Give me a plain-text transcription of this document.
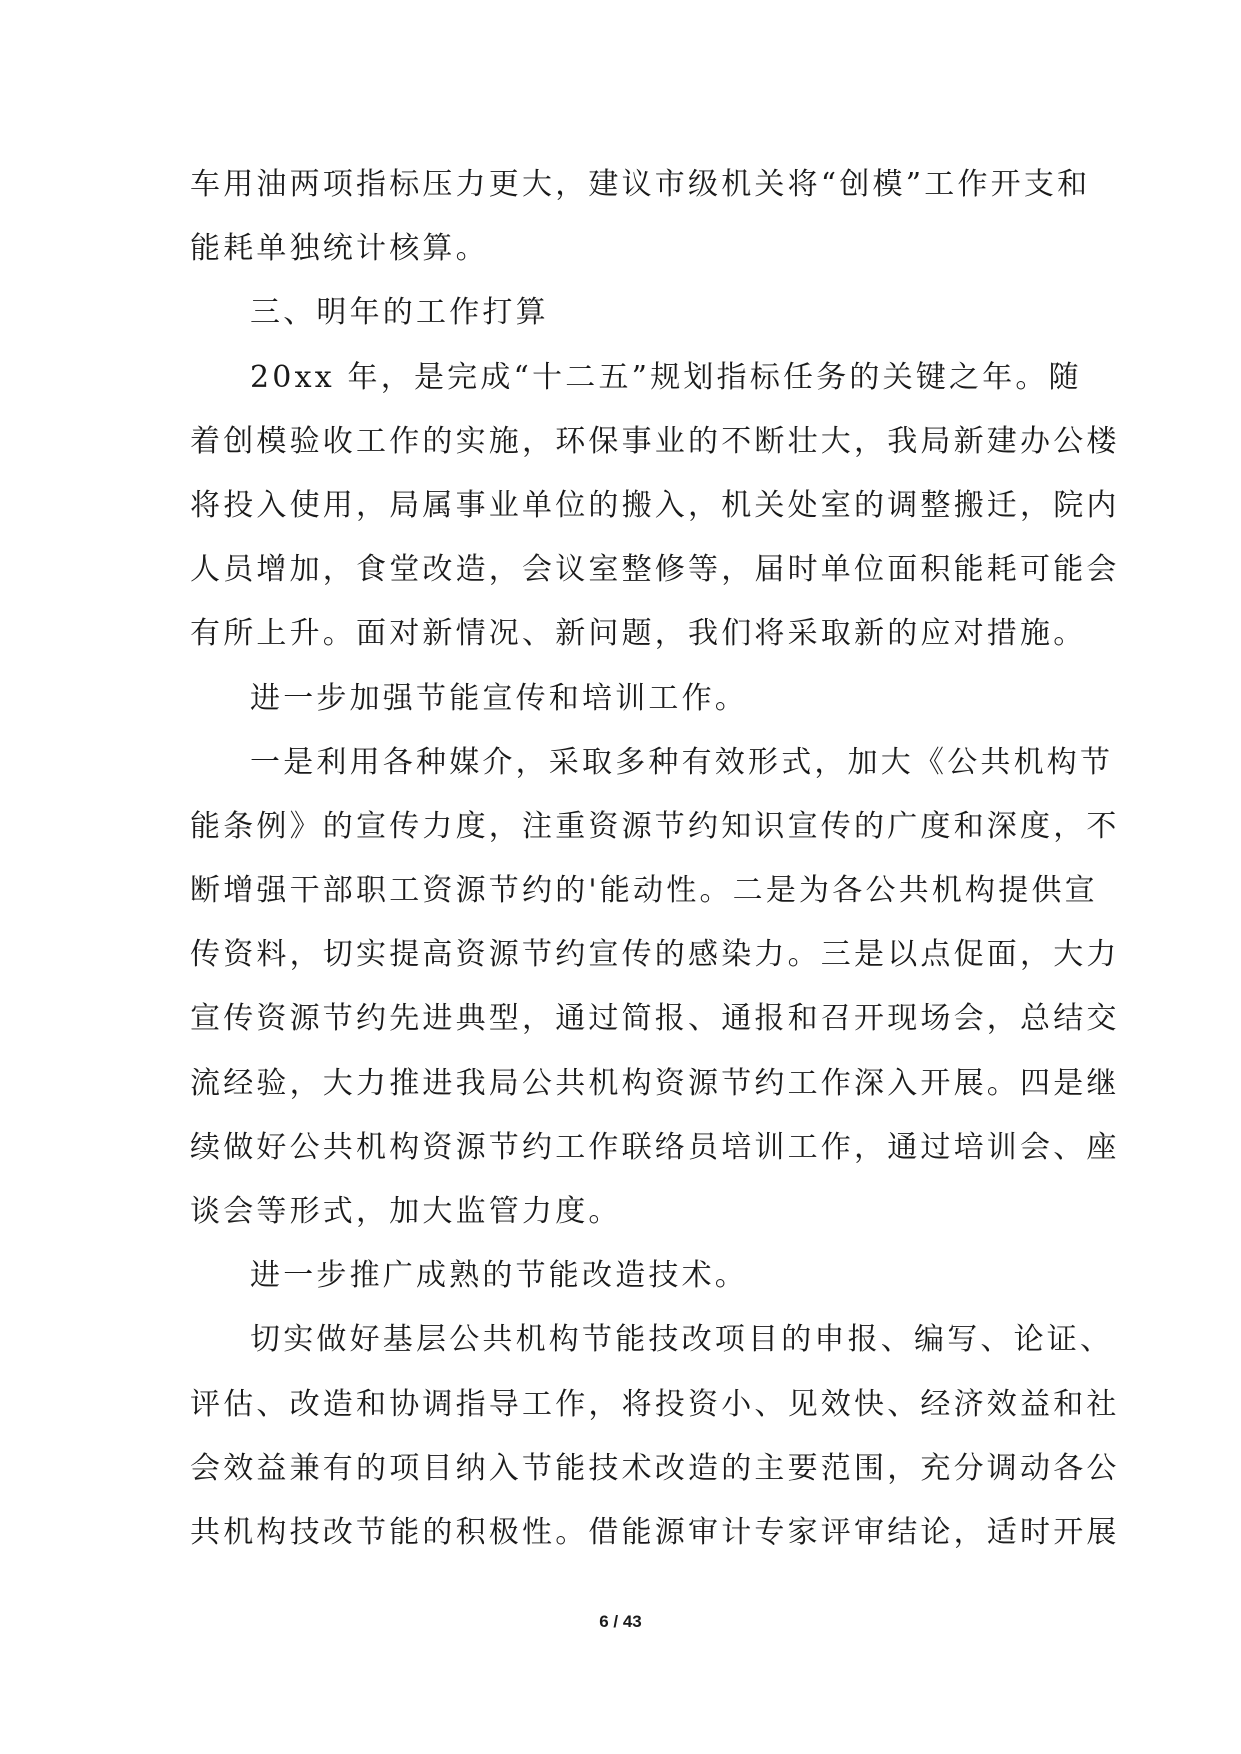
车用油两项指标压力更大，建议市级机关将“创模”工作开支和
能耗单独统计核算。
三、明年的工作打算
20xx 年，是完成“十二五”规划指标任务的关键之年。随
着创模验收工作的实施，环保事业的不断壮大，我局新建办公楼
将投入使用，局属事业单位的搬入，机关处室的调整搬迁，院内
人员增加，食堂改造，会议室整修等，届时单位面积能耗可能会
有所上升。面对新情况、新问题，我们将采取新的应对措施。
进一步加强节能宣传和培训工作。
一是利用各种媒介，采取多种有效形式，加大《公共机构节
能条例》的宣传力度，注重资源节约知识宣传的广度和深度，不
断增强干部职工资源节约的'能动性。二是为各公共机构提供宣
传资料，切实提高资源节约宣传的感染力。三是以点促面，大力
宣传资源节约先进典型，通过简报、通报和召开现场会，总结交
流经验，大力推进我局公共机构资源节约工作深入开展。四是继
续做好公共机构资源节约工作联络员培训工作，通过培训会、座
谈会等形式，加大监管力度。
进一步推广成熟的节能改造技术。
切实做好基层公共机构节能技改项目的申报、编写、论证、
评估、改造和协调指导工作，将投资小、见效快、经济效益和社
会效益兼有的项目纳入节能技术改造的主要范围，充分调动各公
共机构技改节能的积极性。借能源审计专家评审结论，适时开展
6 / 43
